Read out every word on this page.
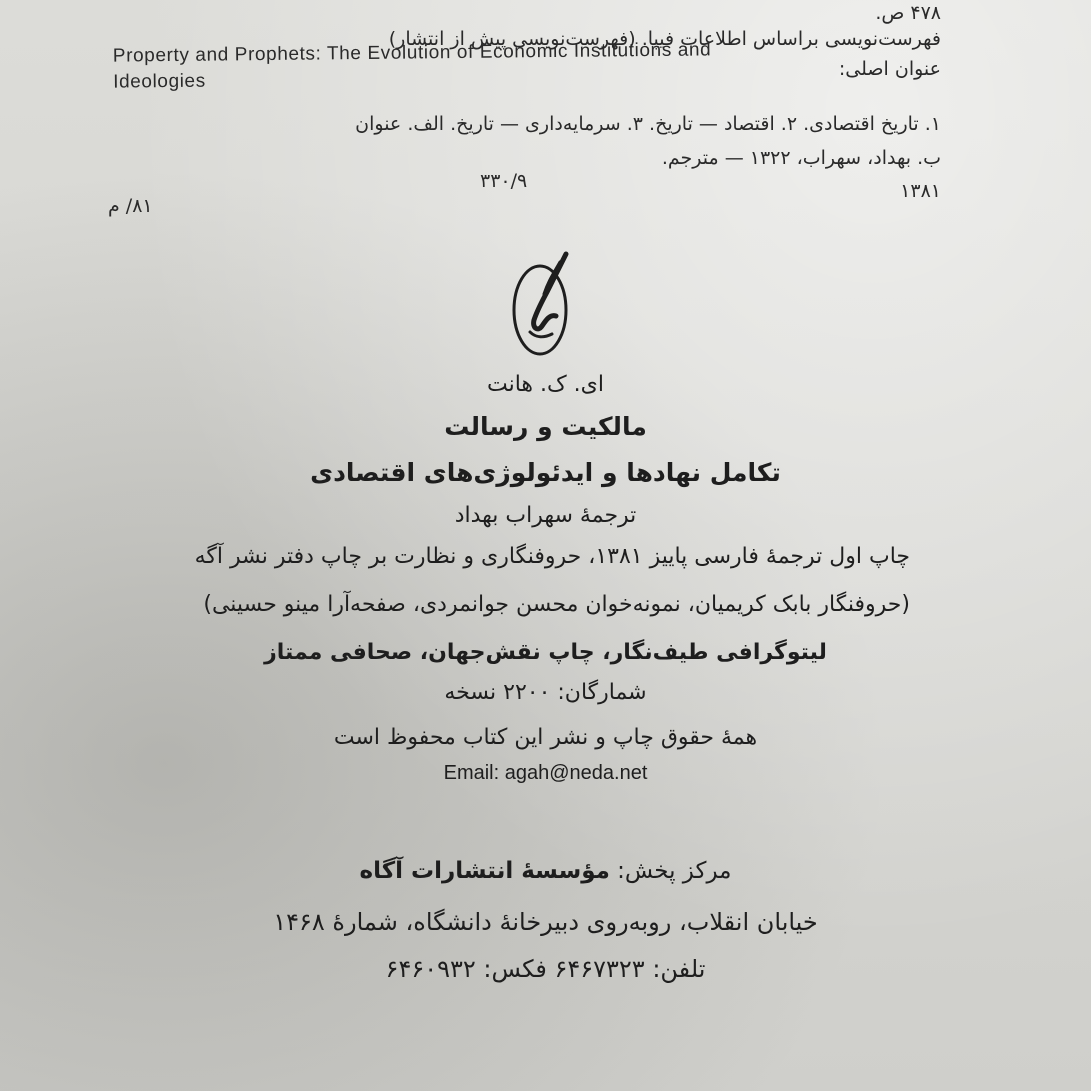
۴۷۸ ص.
فهرست‌نویسی براساس اطلاعات فیپا. (فهرست‌نویسی پیش از انتشار)
عنوان اصلی:
Property and Prophets: The Evolution of Economic Institutions and Ideologies
۱. تاریخ اقتصادی. ۲. اقتصاد — تاریخ. ۳. سرمایه‌داری — تاریخ. الف. عنوان
ب. بهداد، سهراب، ۱۳۲۲ — مترجم.
۳۳۰/۹	۱۳۸۱
۸۱/ م
ای. ک. هانت
مالکیت و رسالت
تکامل نهادها و ایدئولوژی‌های اقتصادی
ترجمهٔ سهراب بهداد
چاپ اول ترجمهٔ فارسی پاییز ۱۳۸۱، حروفنگاری و نظارت بر چاپ دفتر نشر آگه
(حروفنگار بابک کریمیان، نمونه‌خوان محسن جوانمردی، صفحه‌آرا مینو حسینی)
لیتوگرافی طیف‌نگار، چاپ نقش‌جهان، صحافی ممتاز
شمارگان: ۲۲۰۰ نسخه
همهٔ حقوق چاپ و نشر این کتاب محفوظ است
Email: agah@neda.net
مرکز پخش: مؤسسهٔ انتشارات آگاه
خیابان انقلاب، روبه‌روی دبیرخانهٔ دانشگاه، شمارهٔ ۱۴۶۸
تلفن: ۶۴۶۷۳۲۳ فکس: ۶۴۶۰۹۳۲
